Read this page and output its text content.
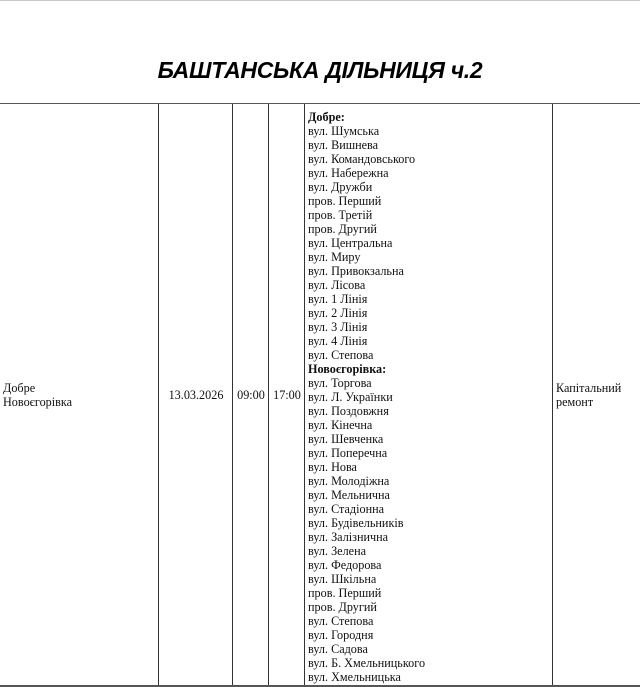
БАШТАНСЬКА ДІЛЬНИЦЯ ч.2
Добре
Новоєгорівка	13.03.2026	09:00 17:00
Добре:
вул. Шумська
вул. Вишнева
вул. Командовського
вул. Набережна
вул. Дружби
пров. Перший
пров. Третій
пров. Другий
вул. Центральна
вул. Миру
вул. Привокзальна
вул. Лісова
вул. 1 Лінія
вул. 2 Лінія
вул. 3 Лінія
вул. 4 Лінія
вул. Степова
Новоєгорівка:
вул. Торгова
вул. Л. Українки
вул. Поздовжня
вул. Кінечна
вул. Шевченка
вул. Поперечна
вул. Нова
вул. Молодіжна
вул. Мельнична
вул. Стадіонна
вул. Будівельників
вул. Залізнична
вул. Зелена
вул. Федорова
вул. Шкільна
пров. Перший
пров. Другий
вул. Степова
вул. Городня
вул. Садова
вул. Б. Хмельницького
вул. Хмельницька
Капітальний
ремонт
